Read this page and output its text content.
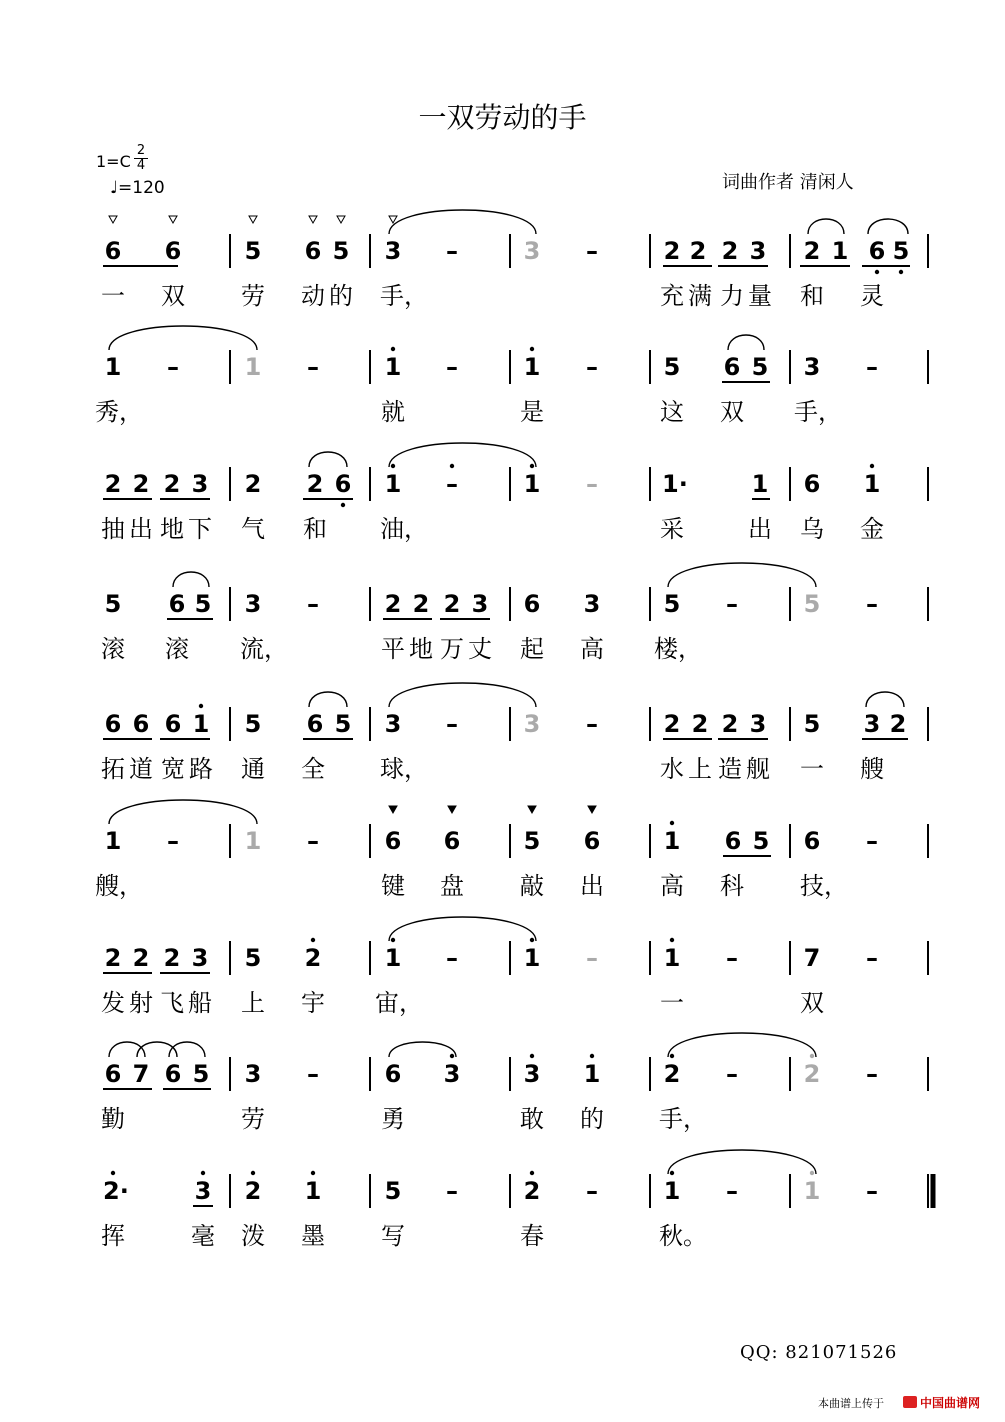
一双劳动的手
$1=C \frac{2}{4}$
♩=120	词曲作者 清闲人
6 6	5 6 5 3 –	3 –	2 2 2 3 2 1 6 5
一 双 劳 动 的 手，	充 满 力 量 和 灵
1 –	1 –	1 –	1 –	5 6 5 3 –
秀，	就	是	这 双 手，
2 2 2 3 2 2 6 1 –	1 –	1·	1 6 1
抽 出 地 下 气 和 油，	采	出 乌 金
5 6 5 3 –	2 2 2 3 6 3	5 –	5 –
滚 滚 流，	平 地 万 丈 起 高 楼，
6 6 6 1 5 6 5 3 –	3 –	2 2 2 3 5 3 2
拓 道 宽 路 通 全 球，	水 上 造 舰 一 艘
1 –	1 –	6 6	5 6	1 6 5 6 –
艘，	键 盘 敲 出 高 科 技，
2 2 2 3 5 2	1 –	1 –	1 –	7 –
发 射 飞 船 上 宇 宙，	一	双
6 7 6 5 3 –	6 3	3 1	2 –	2 –
勤	劳	勇	敢 的 手，
2·	3 2 1	5 –	2 –	1 –	1 –
挥	毫 泼 墨 写	春	秋。
QQ: 821071526
本曲谱上传于	中国曲谱网
